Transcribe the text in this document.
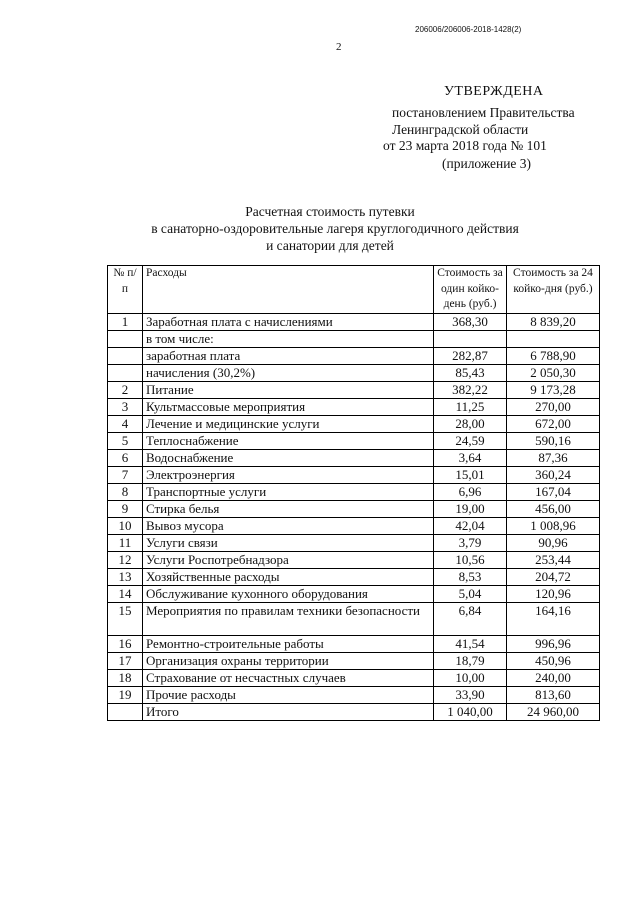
206006/206006-2018-1428(2)
2
УТВЕРЖДЕНА
постановлением Правительства
Ленинградской области
от 23 марта 2018 года № 101
(приложение 3)
Расчетная стоимость путевки
в санаторно-оздоровительные лагеря круглогодичного действия
и санатории для детей
№ п/п	Расходы	Стоимость за один койко-день (руб.)	Стоимость за 24 койко-дня (руб.)
1	Заработная плата с начислениями	368,30	8 839,20
	в том числе:		
	заработная плата	282,87	6 788,90
	начисления (30,2%)	85,43	2 050,30
2	Питание	382,22	9 173,28
3	Культмассовые мероприятия	11,25	270,00
4	Лечение и медицинские услуги	28,00	672,00
5	Теплоснабжение	24,59	590,16
6	Водоснабжение	3,64	87,36
7	Электроэнергия	15,01	360,24
8	Транспортные услуги	6,96	167,04
9	Стирка белья	19,00	456,00
10	Вывоз мусора	42,04	1 008,96
11	Услуги связи	3,79	90,96
12	Услуги Роспотребнадзора	10,56	253,44
13	Хозяйственные расходы	8,53	204,72
14	Обслуживание кухонного оборудования	5,04	120,96
15	Мероприятия по правилам техники безопасности	6,84	164,16
16	Ремонтно-строительные работы	41,54	996,96
17	Организация охраны территории	18,79	450,96
18	Страхование от несчастных случаев	10,00	240,00
19	Прочие расходы	33,90	813,60
	Итого	1 040,00	24 960,00
